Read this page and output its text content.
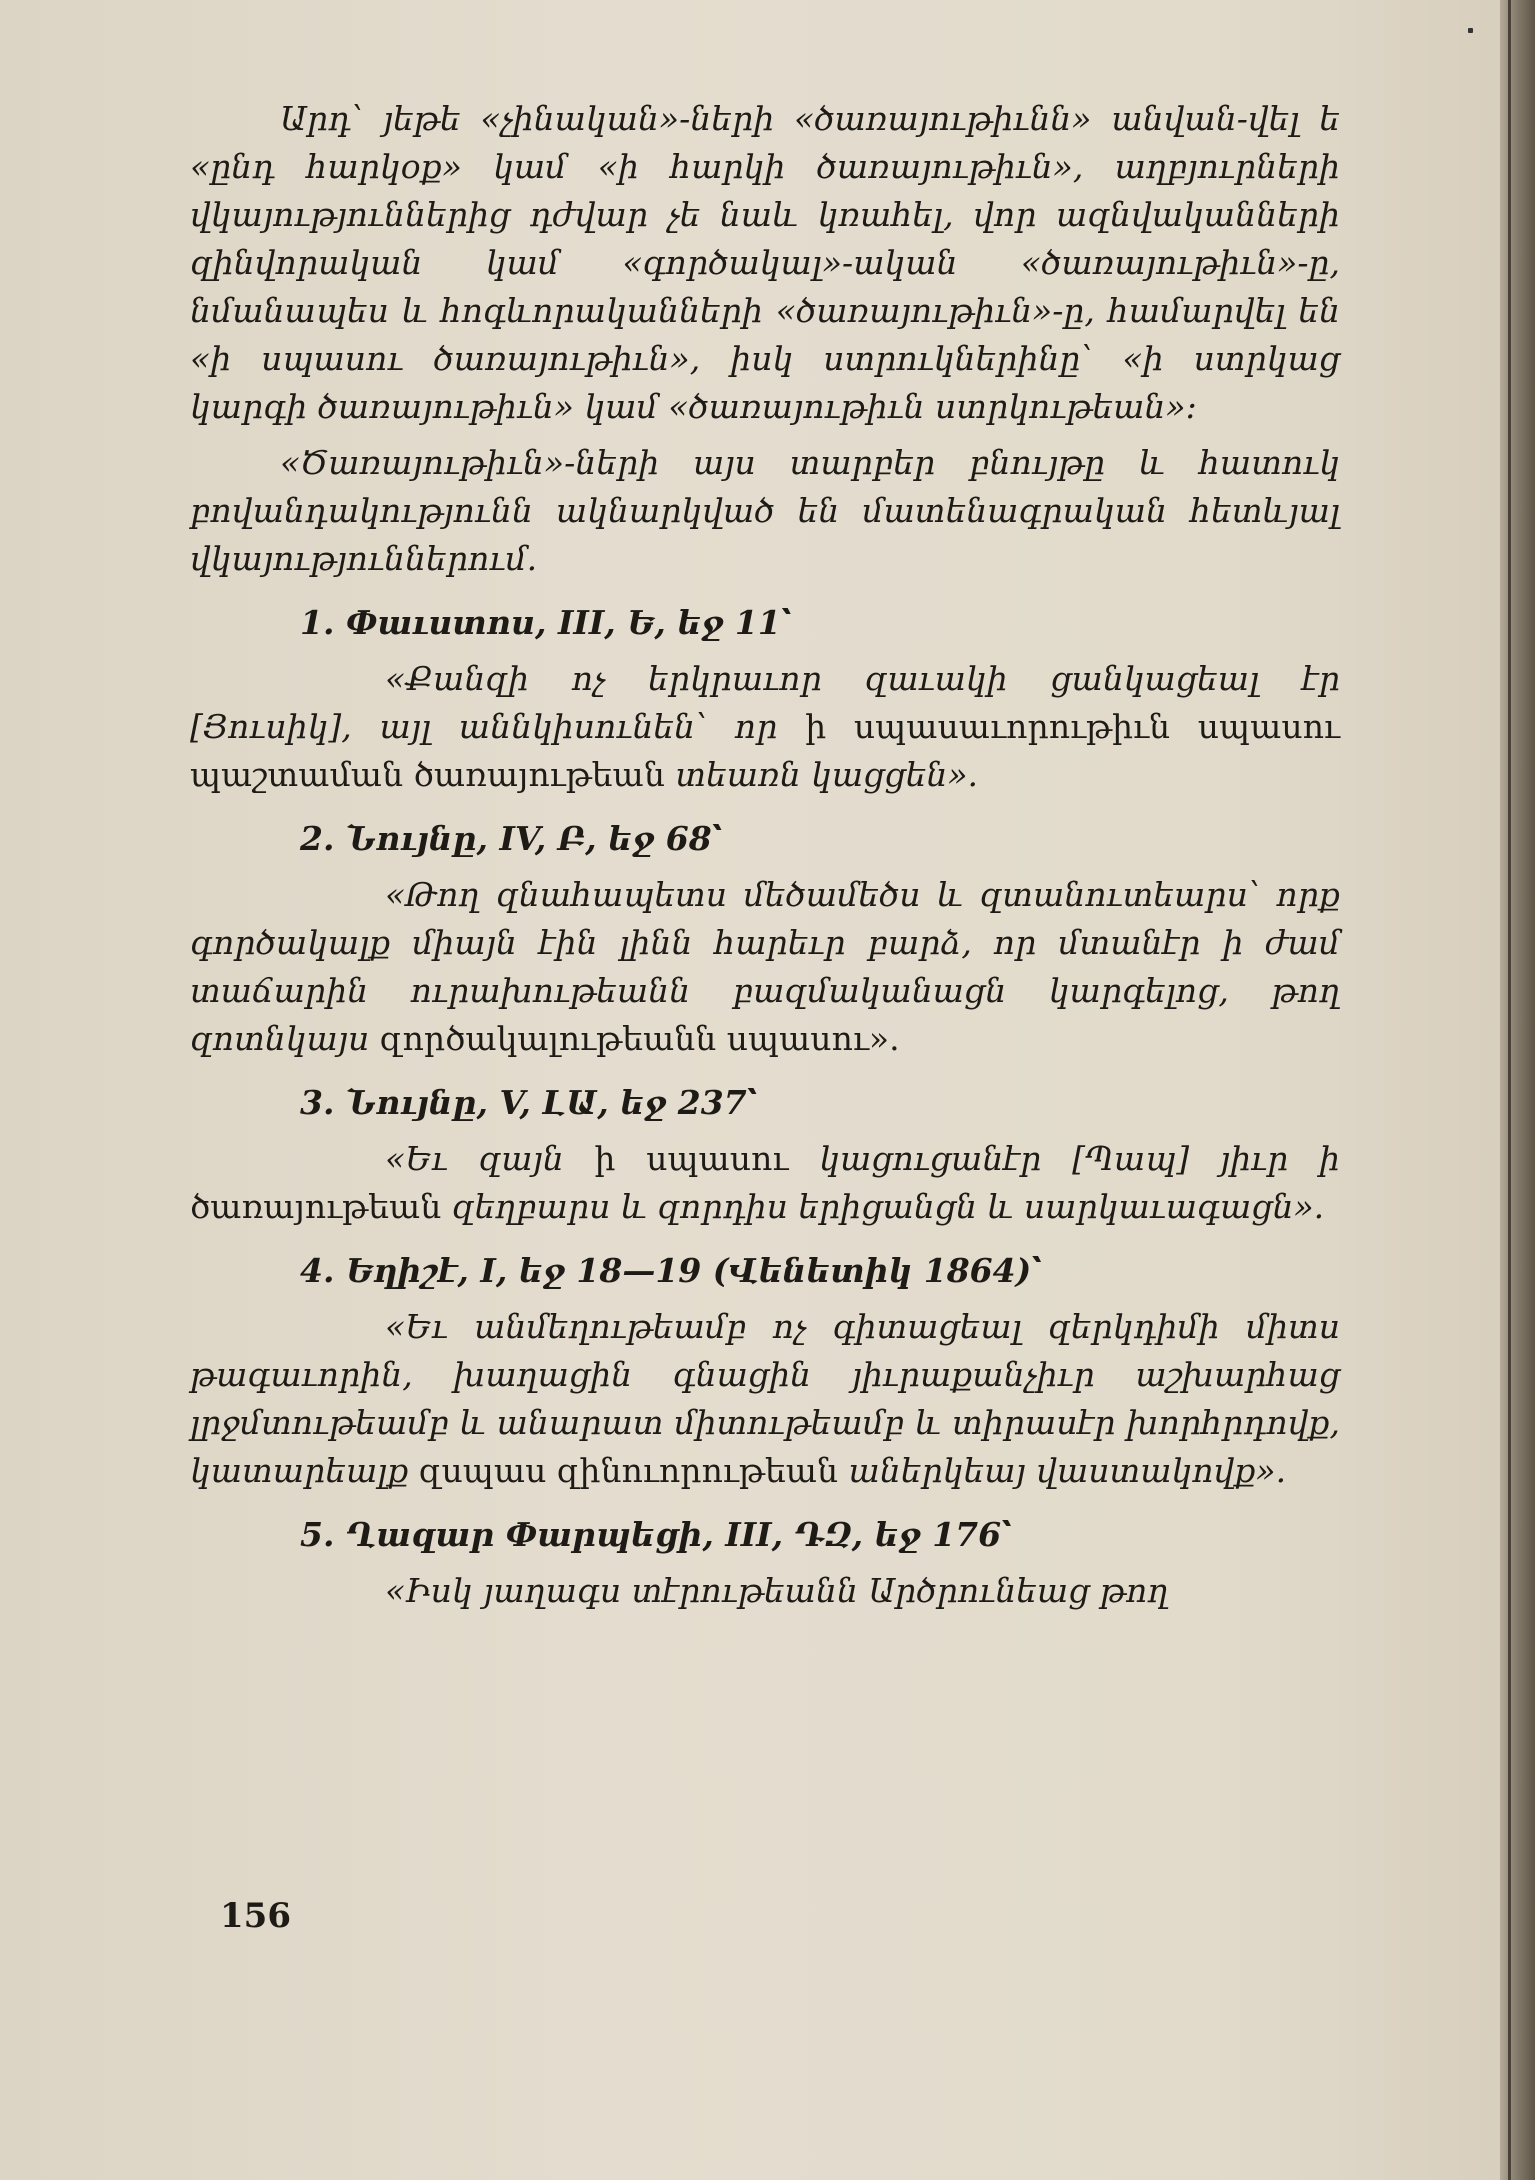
Արդ՝ յեթե «չինական»-ների «ծառայութիւնն» անվան-վել ե «ընդ հարկօք» կամ «ի հարկի ծառայութիւն», աղբյուրների վկայություններից դժվար չե նաև կռահել, վոր ազնվականների զինվորական կամ «գործակալ»-ական «ծառայութիւն»-ը, նմանապես և հոգևորականների «ծառայութիւն»-ը, համարվել են «ի սպասու ծառայութիւն», իսկ ստրուկներինը՝ «ի ստրկաց կարգի ծառայութիւն» կամ «ծառայութիւն ստրկութեան»։

«Ծառայութիւն»-ների այս տարբեր բնույթը և հատուկ բովանդակությունն ակնարկված են մատենագրական հետևյալ վկայություններում.

1. Փաւստոս, III, Ե, եջ 11՝

«Քանզի ոչ երկրաւոր զաւակի ցանկացեալ էր [Յուսիկ], այլ աննկիսունեն՝ որ ի սպասաւորութիւն սպասու պաշտաման ծառայութեան տեառն կացցեն».

2. Նույնը, IV, Բ, եջ 68՝

«Թող զնահապետս մեծամեծս և զտանուտեարս՝ որք գործակալք միայն էին լինն հարեւր բարձ, որ մտանէր ի ժամ տաճարին ուրախութեանն բազմականացն կարգելոց, թող զոտնկայս զործակալութեանն սպասու».

3. Նույնը, V, ԼԱ, եջ 237՝

«Եւ զայն ի սպասու կացուցանէր [Պապ] յիւր ի ծառայութեան զեղբարս և զորդիս երիցանցն և սարկաւագացն».

4. Եղիշէ, I, եջ 18—19 (Վենետիկ 1864)՝

«Եւ անմեղութեամբ ոչ գիտացեալ զերկդիմի միտս թագաւորին, խաղացին գնացին յիւրաքանչիւր աշխարհաց լրջմտութեամբ և անարատ միտութեամբ և տիրասէր խորհրդովք, կատարեալք զսպաս զինուորութեան աներկեայ վաստակովք».

5. Ղազար Փարպեցի, III, ԴԶ, եջ 176՝

«Իսկ յաղագս տէրութեանն Արծրունեաց թող

156
